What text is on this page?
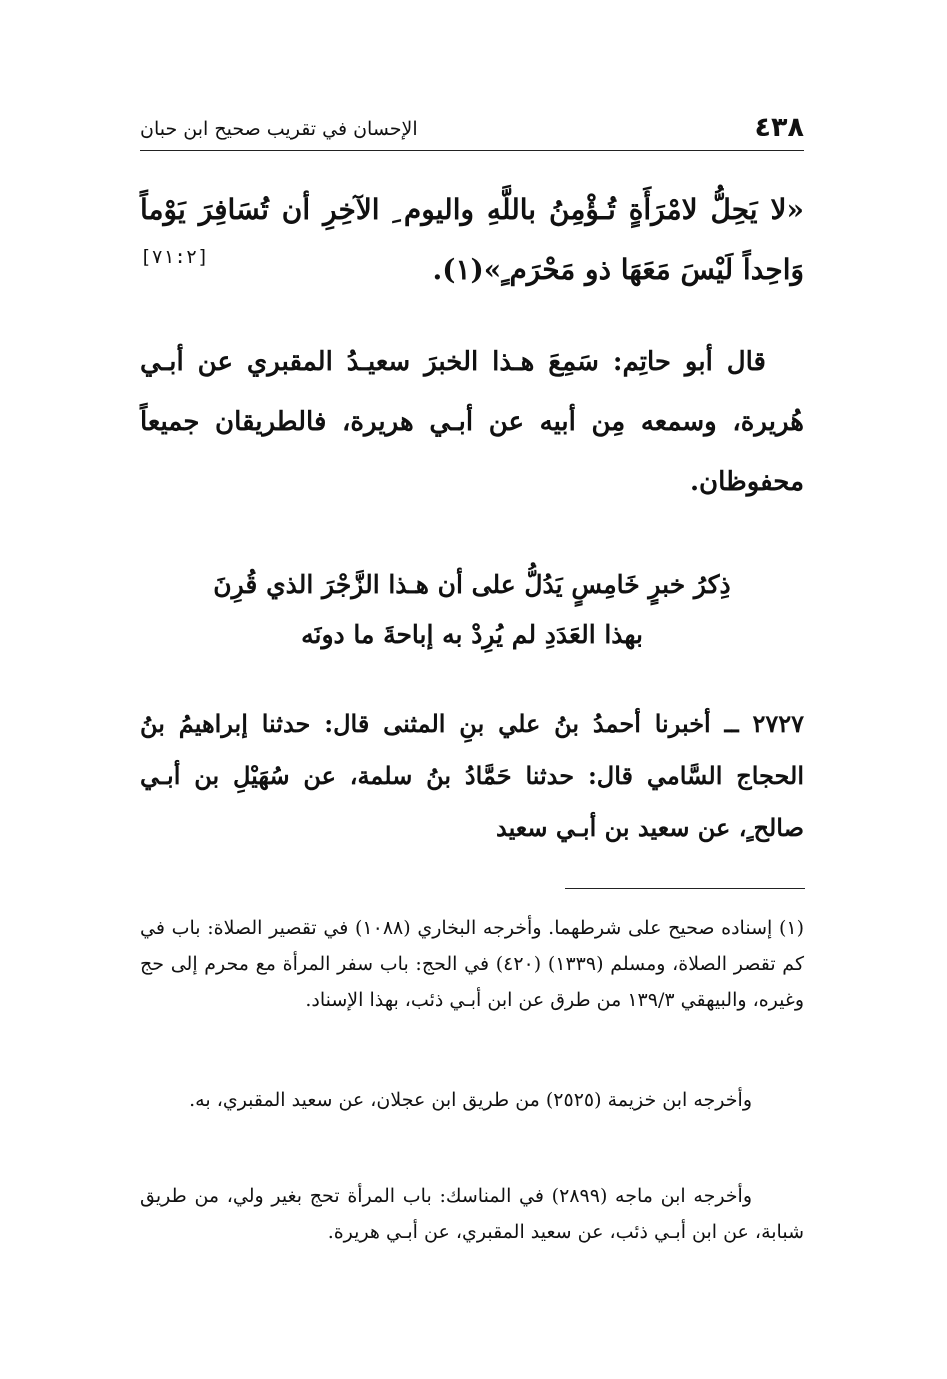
٤٣٨
الإحسان في تقريب صحيح ابن حبان
«لا يَحِلُّ لامْرَأَةٍ تُـؤْمِنُ باللَّهِ واليوم ِ الآخِرِ أن تُسَافِرَ يَوْماً وَاحِداً لَيْسَ مَعَهَا ذو مَحْرَم ٍ»(١).
[٧١:٢]
قال أبو حاتِم: سَمِعَ هـذا الخبرَ سعيـدُ المقبري عن أبـي هُريرة، وسمعه مِن أبيه عن أبـي هريرة، فالطريقان جميعاً محفوظان.
ذِكرُ خبرٍ خَامِسٍ يَدُلُّ على أن هـذا الزَّجْرَ الذي قُرِنَ
بهذا العَدَدِ لم يُرِدْ به إباحةَ ما دونَه
٢٧٢٧ ــ أخبرنا أحمدُ بنُ علي بنِ المثنى قال: حدثنا إبراهيمُ بنُ الحجاج السَّامي قال: حدثنا حَمَّادُ بنُ سلمة، عن سُهَيْلِ بن أبـي صالح ٍ، عن سعيد بن أبـي سعيد
(١) إسناده صحيح على شرطهما. وأخرجه البخاري (١٠٨٨) في تقصير الصلاة: باب في كم تقصر الصلاة، ومسلم (١٣٣٩) (٤٢٠) في الحج: باب سفر المرأة مع محرم إلى حج وغيره، والبيهقي ١٣٩/٣ من طرق عن ابن أبـي ذئب، بهذا الإسناد.
وأخرجه ابن خزيمة (٢٥٢٥) من طريق ابن عجلان، عن سعيد المقبري، به.
وأخرجه ابن ماجه (٢٨٩٩) في المناسك: باب المرأة تحج بغير ولي، من طريق شبابة، عن ابن أبـي ذئب، عن سعيد المقبري، عن أبـي هريرة.
